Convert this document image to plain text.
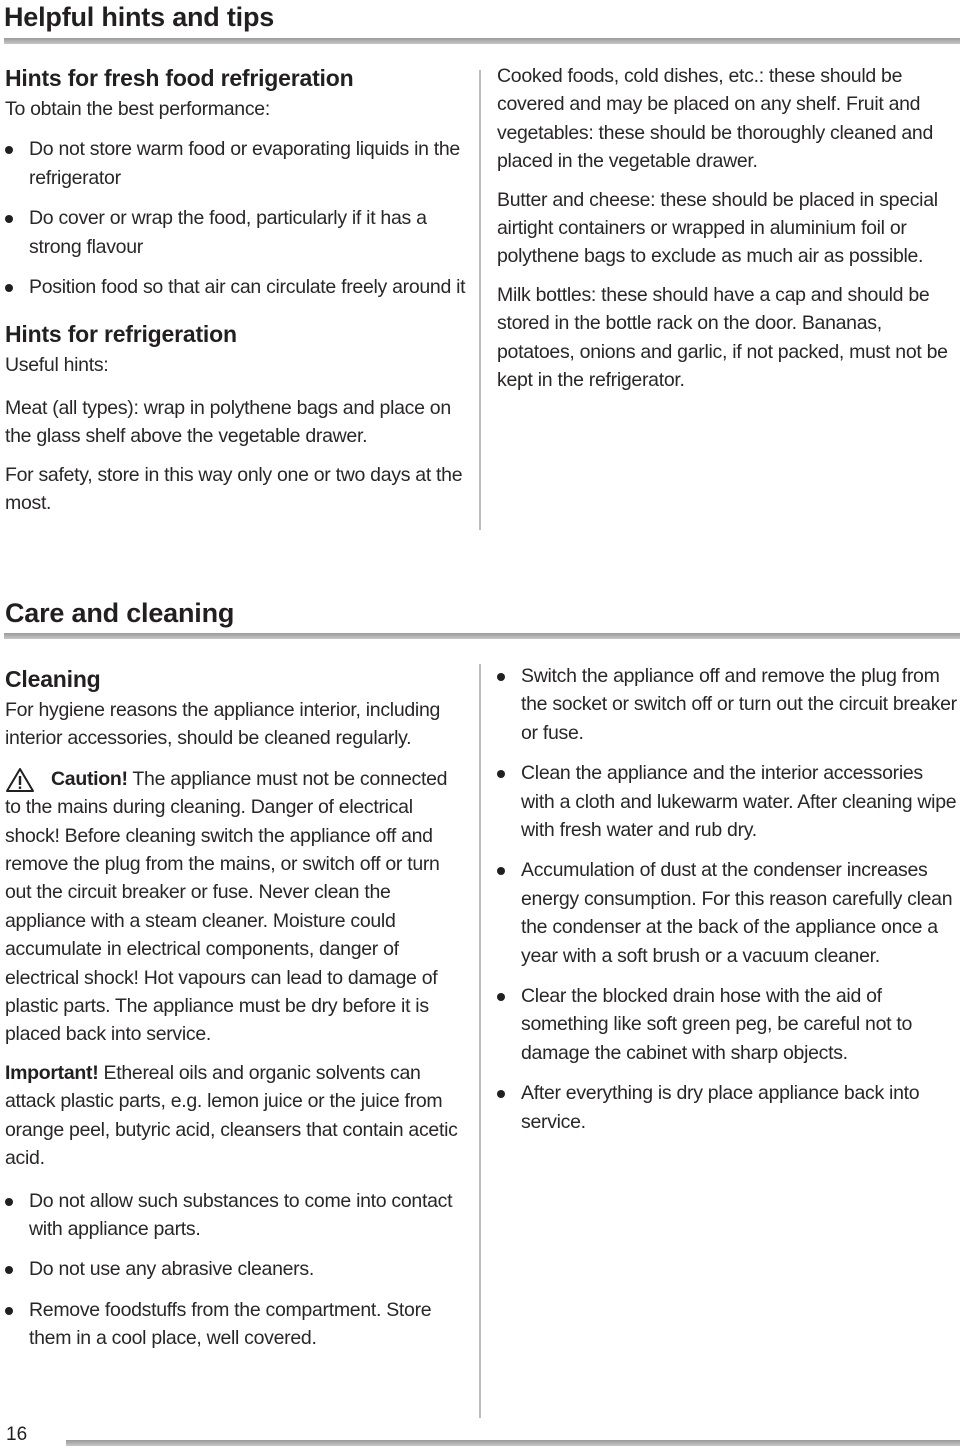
Helpful hints and tips
Hints for fresh food refrigeration

To obtain the best performance:

Do not store warm food or evaporating liquids in the refrigerator
Do cover or wrap the food, particularly if it has a strong flavour
Position food so that air can circulate freely around it
Hints for refrigeration

Useful hints:

Meat (all types): wrap in polythene bags and place on the glass shelf above the vegetable drawer.

For safety, store in this way only one or two days at the most.

Cooked foods, cold dishes, etc.: these should be covered and may be placed on any shelf. Fruit and vegetables: these should be thoroughly cleaned and placed in the vegetable drawer.

Butter and cheese: these should be placed in special airtight containers or wrapped in aluminium foil or polythene bags to exclude as much air as possible.

Milk bottles: these should have a cap and should be stored in the bottle rack on the door. Bananas, potatoes, onions and garlic, if not packed, must not be kept in the refrigerator.

Care and cleaning
Cleaning

For hygiene reasons the appliance interior, including interior accessories, should be cleaned regularly.

Caution! The appliance must not be connected to the mains during cleaning. Danger of electrical shock! Before cleaning switch the appliance off and remove the plug from the mains, or switch off or turn out the circuit breaker or fuse. Never clean the appliance with a steam cleaner. Moisture could accumulate in electrical components, danger of electrical shock! Hot vapours can lead to damage of plastic parts. The appliance must be dry before it is placed back into service.

Important! Ethereal oils and organic solvents can attack plastic parts, e.g. lemon juice or the juice from orange peel, butyric acid, cleansers that contain acetic acid.

Do not allow such substances to come into contact with appliance parts.
Do not use any abrasive cleaners.
Remove foodstuffs from the compartment. Store them in a cool place, well covered.
Switch the appliance off and remove the plug from the socket or switch off or turn out the circuit breaker or fuse.
Clean the appliance and the interior accessories with a cloth and lukewarm water. After cleaning wipe with fresh water and rub dry.
Accumulation of dust at the condenser increases energy consumption. For this reason carefully clean the condenser at the back of the appliance once a year with a soft brush or a vacuum cleaner.
Clear the blocked drain hose with the aid of something like soft green peg, be careful not to damage the cabinet with sharp objects.
After everything is dry place appliance back into service.
16
